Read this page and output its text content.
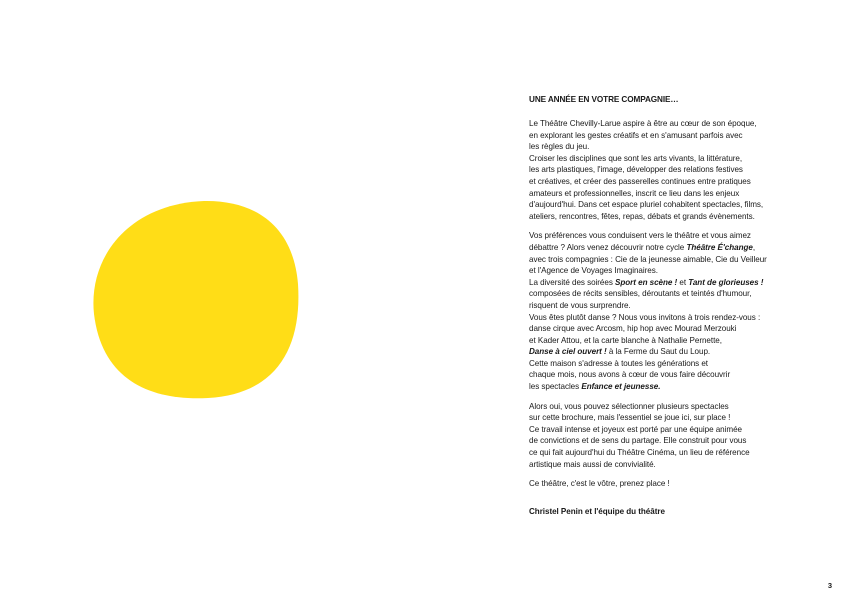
UNE ANNÉE EN VOTRE COMPAGNIE…
Le Théâtre Chevilly-Larue aspire à être au cœur de son époque,
en explorant les gestes créatifs et en s'amusant parfois avec
les règles du jeu.
Croiser les disciplines que sont les arts vivants, la littérature,
les arts plastiques, l'image, développer des relations festives
et créatives, et créer des passerelles continues entre pratiques
amateurs et professionnelles, inscrit ce lieu dans les enjeux
d'aujourd'hui. Dans cet espace pluriel cohabitent spectacles, films,
ateliers, rencontres, fêtes, repas, débats et grands évènements.
Vos préférences vous conduisent vers le théâtre et vous aimez
débattre ? Alors venez découvrir notre cycle Théâtre É'change,
avec trois compagnies : Cie de la jeunesse aimable, Cie du Veilleur
et l'Agence de Voyages Imaginaires.
La diversité des soirées Sport en scène ! et Tant de glorieuses !
composées de récits sensibles, déroutants et teintés d'humour,
risquent de vous surprendre.
Vous êtes plutôt danse ? Nous vous invitons à trois rendez-vous :
danse cirque avec Arcosm, hip hop avec Mourad Merzouki
et Kader Attou, et la carte blanche à Nathalie Pernette,
Danse à ciel ouvert ! à la Ferme du Saut du Loup.
Cette maison s'adresse à toutes les générations et
chaque mois, nous avons à cœur de vous faire découvrir
les spectacles Enfance et jeunesse.
Alors oui, vous pouvez sélectionner plusieurs spectacles
sur cette brochure, mais l'essentiel se joue ici, sur place !
Ce travail intense et joyeux est porté par une équipe animée
de convictions et de sens du partage. Elle construit pour vous
ce qui fait aujourd'hui du Théâtre Cinéma, un lieu de référence
artistique mais aussi de convivialité.
Ce théâtre, c'est le vôtre, prenez place !
Christel Penin et l'équipe du théâtre
3
